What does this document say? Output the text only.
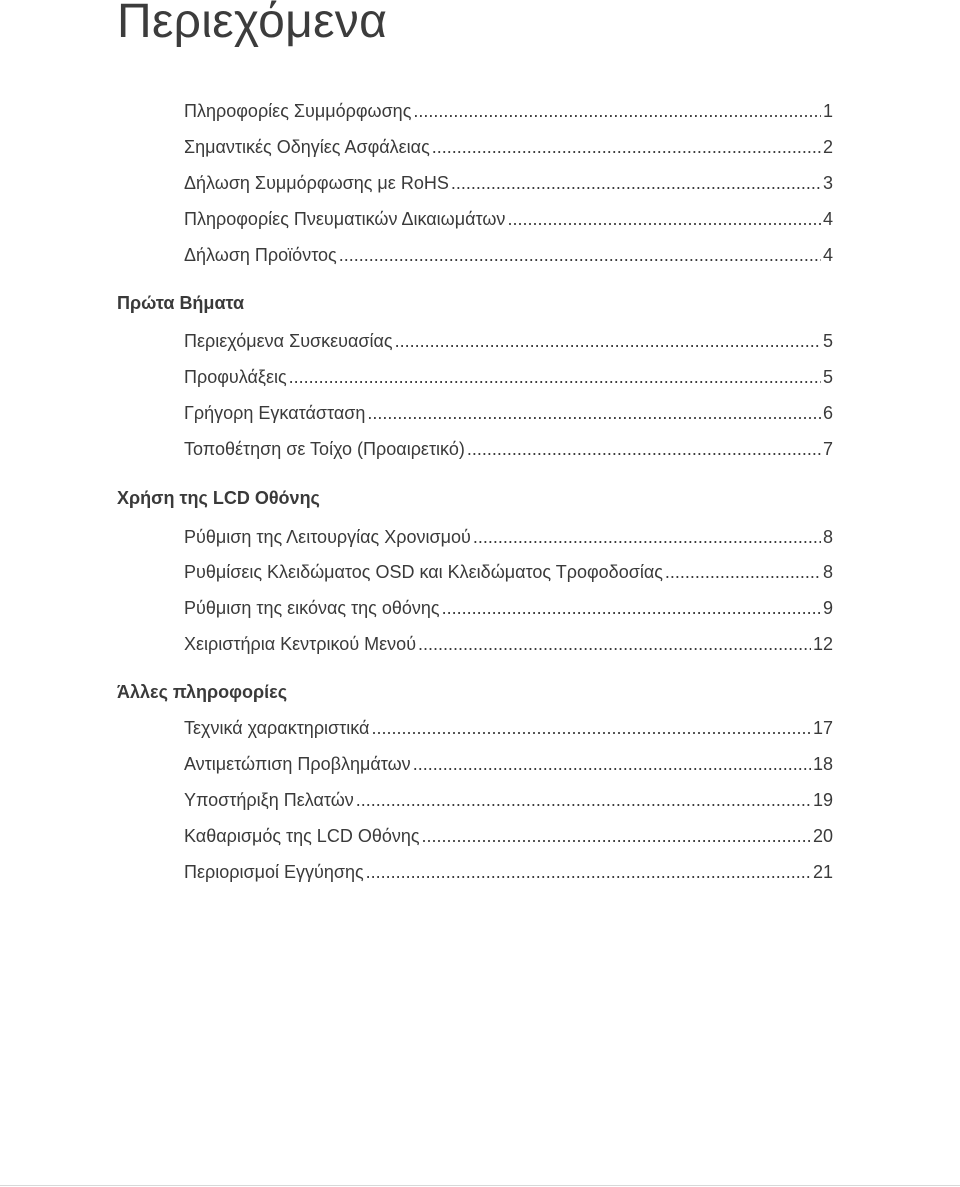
Περιεχόμενα
Πληροφορίες Συμμόρφωσης .....	1
Σημαντικές Οδηγίες Ασφάλειας .....	2
Δήλωση Συμμόρφωσης με RoHS .....	3
Πληροφορίες Πνευματικών Δικαιωμάτων .....	4
Δήλωση Προϊόντος .....	4
Πρώτα Βήματα
Περιεχόμενα Συσκευασίας .....	5
Προφυλάξεις .....	5
Γρήγορη Εγκατάσταση .....	6
Τοποθέτηση σε Τοίχο (Προαιρετικό) .....	7
Χρήση της LCD Οθόνης
Ρύθμιση της Λειτουργίας Χρονισμού .....	8
Ρυθμίσεις Κλειδώματος OSD και Κλειδώματος Τροφοδοσίας .....	8
Ρύθμιση της εικόνας της οθόνης .....	9
Χειριστήρια Κεντρικού Μενού .....	12
Άλλες πληροφορίες
Τεχνικά χαρακτηριστικά .....	17
Αντιμετώπιση Προβλημάτων .....	18
Υποστήριξη Πελατών .....	19
Καθαρισμός της LCD Οθόνης .....	20
Περιορισμοί Εγγύησης .....	21
